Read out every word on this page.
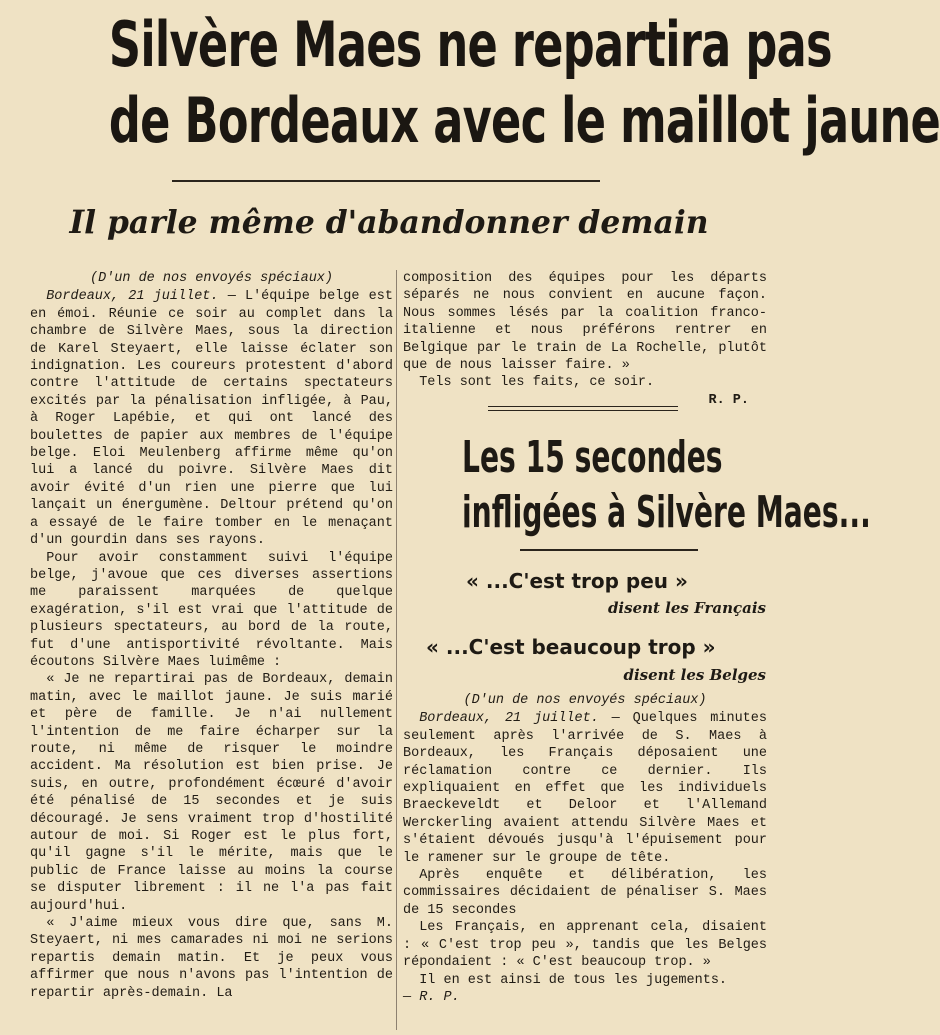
Silvère Maes ne repartira pas
de Bordeaux avec le maillot jaune
Il parle même d'abandonner demain
(D'un de nos envoyés spéciaux)

Bordeaux, 21 juillet. — L'équipe belge est en émoi. Réunie ce soir au complet dans la chambre de Silvère Maes, sous la direction de Karel Steyaert, elle laisse éclater son indignation. Les coureurs protestent d'abord contre l'attitude de certains spectateurs excités par la pénalisation infligée, à Pau, à Roger Lapébie, et qui ont lancé des boulettes de papier aux membres de l'équipe belge. Eloi Meulenberg affirme même qu'on lui a lancé du poivre. Silvère Maes dit avoir évité d'un rien une pierre que lui lançait un énergumène. Deltour prétend qu'on a essayé de le faire tomber en le menaçant d'un gourdin dans ses rayons.

Pour avoir constamment suivi l'équipe belge, j'avoue que ces diverses assertions me paraissent marquées de quelque exagération, s'il est vrai que l'attitude de plusieurs spectateurs, au bord de la route, fut d'une antisportivité révoltante. Mais écoutons Silvère Maes luimême :

« Je ne repartirai pas de Bordeaux, demain matin, avec le maillot jaune. Je suis marié et père de famille. Je n'ai nullement l'intention de me faire écharper sur la route, ni même de risquer le moindre accident. Ma résolution est bien prise. Je suis, en outre, profondément écœuré d'avoir été pénalisé de 15 secondes et je suis découragé. Je sens vraiment trop d'hostilité autour de moi. Si Roger est le plus fort, qu'il gagne s'il le mérite, mais que le public de France laisse au moins la course se disputer librement : il ne l'a pas fait aujourd'hui.

« J'aime mieux vous dire que, sans M. Steyaert, ni mes camarades ni moi ne serions repartis demain matin. Et je peux vous affirmer que nous n'avons pas l'intention de repartir après-demain. La

composition des équipes pour les départs séparés ne nous convient en aucune façon. Nous sommes lésés par la coalition franco-italienne et nous préférons rentrer en Belgique par le train de La Rochelle, plutôt que de nous laisser faire. »

Tels sont les faits, ce soir.

R. P.
Les 15 secondes
infligées à Silvère Maes...
« ...C'est trop peu »
disent les Français
« ...C'est beaucoup trop »
disent les Belges
(D'un de nos envoyés spéciaux)

Bordeaux, 21 juillet. — Quelques minutes seulement après l'arrivée de S. Maes à Bordeaux, les Français déposaient une réclamation contre ce dernier. Ils expliquaient en effet que les individuels Braeckeveldt et Deloor et l'Allemand Werckerling avaient attendu Silvère Maes et s'étaient dévoués jusqu'à l'épuisement pour le ramener sur le groupe de tête.

Après enquête et délibération, les commissaires décidaient de pénaliser S. Maes de 15 secondes

Les Français, en apprenant cela, disaient : « C'est trop peu », tandis que les Belges répondaient : « C'est beaucoup trop. »

Il en est ainsi de tous les jugements.

— R. P.
